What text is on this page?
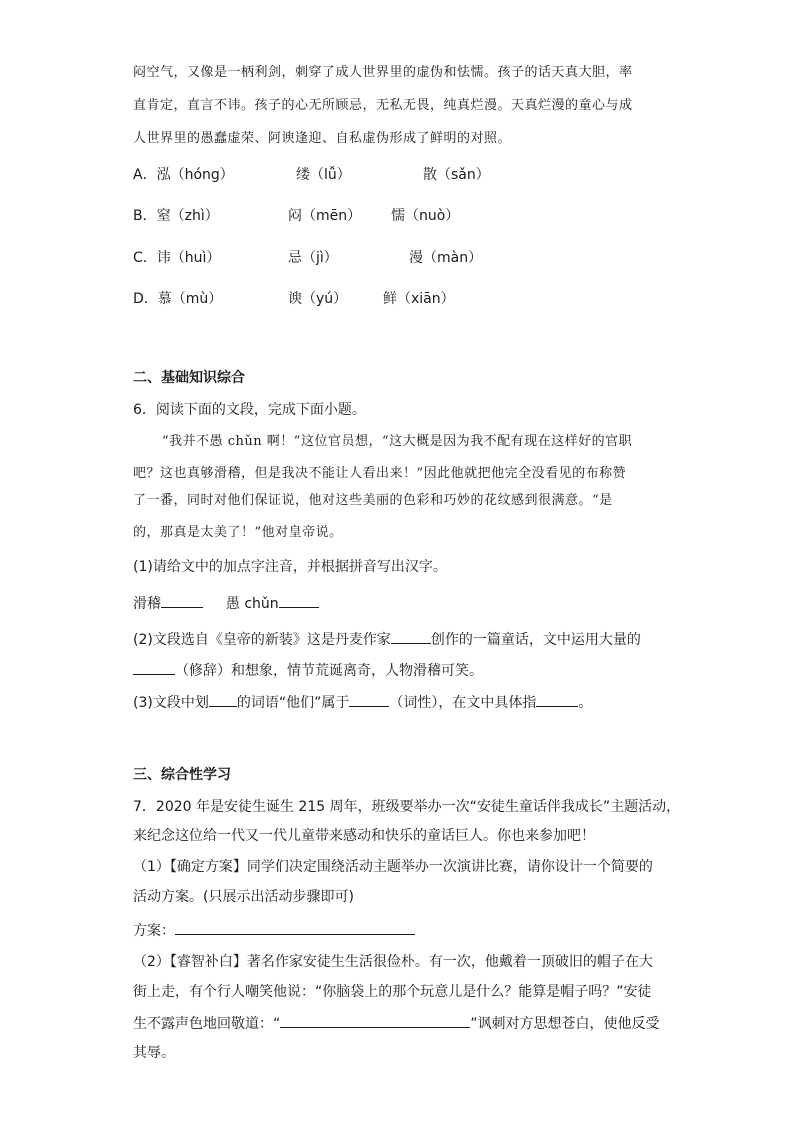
闷空气，又像是一柄利剑，刺穿了成人世界里的虚伪和怯懦。孩子的话天真大胆，率
直肯定，直言不讳。孩子的心无所顾忌，无私无畏，纯真烂漫。天真烂漫的童心与成
人世界里的愚蠢虚荣、阿谀逢迎、自私虚伪形成了鲜明的对照。
A．泓（hóng）	缕（lǚ）	散（sǎn）
B．窒（zhì）	闷（mēn） 懦（nuò）
C．讳（huì）	忌（jì）	漫（màn）
D．慕（mù）	谀（yú）	鲜（xiān）
二、基础知识综合
6．阅读下面的文段，完成下面小题。
“我并不愚 chǔn 啊！”这位官员想，“这大概是因为我不配有现在这样好的官职
吧？这也真够滑稽，但是我决不能让人看出来！”因此他就把他完全没看见的布称赞
了一番，同时对他们保证说，他对这些美丽的色彩和巧妙的花纹感到很满意。“是
的，那真是太美了！”他对皇帝说。
(1)请给文中的加点字注音，并根据拼音写出汉字。
滑稽	愚 chǔn
(2)文段选自《皇帝的新装》这是丹麦作家	创作的一篇童话，文中运用大量的
（修辞）和想象，情节荒诞离奇，人物滑稽可笑。
(3)文段中划 的词语“他们”属于	（词性），在文中具体指	。
三、综合性学习
7．2020 年是安徒生诞生 215 周年，班级要举办一次“安徒生童话伴我成长”主题活动，
来纪念这位给一代又一代儿童带来感动和快乐的童话巨人。你也来参加吧！
（1）【确定方案】同学们决定围绕活动主题举办一次演讲比赛，请你设计一个简要的
活动方案。(只展示出活动步骤即可)
方案：
（2）【睿智补白】著名作家安徒生生活很俭朴。有一次，他戴着一顶破旧的帽子在大
街上走，有个行人嘲笑他说：“你脑袋上的那个玩意儿是什么？能算是帽子吗？”安徒
生不露声色地回敬道：“	”讽刺对方思想苍白，使他反受
其辱。
